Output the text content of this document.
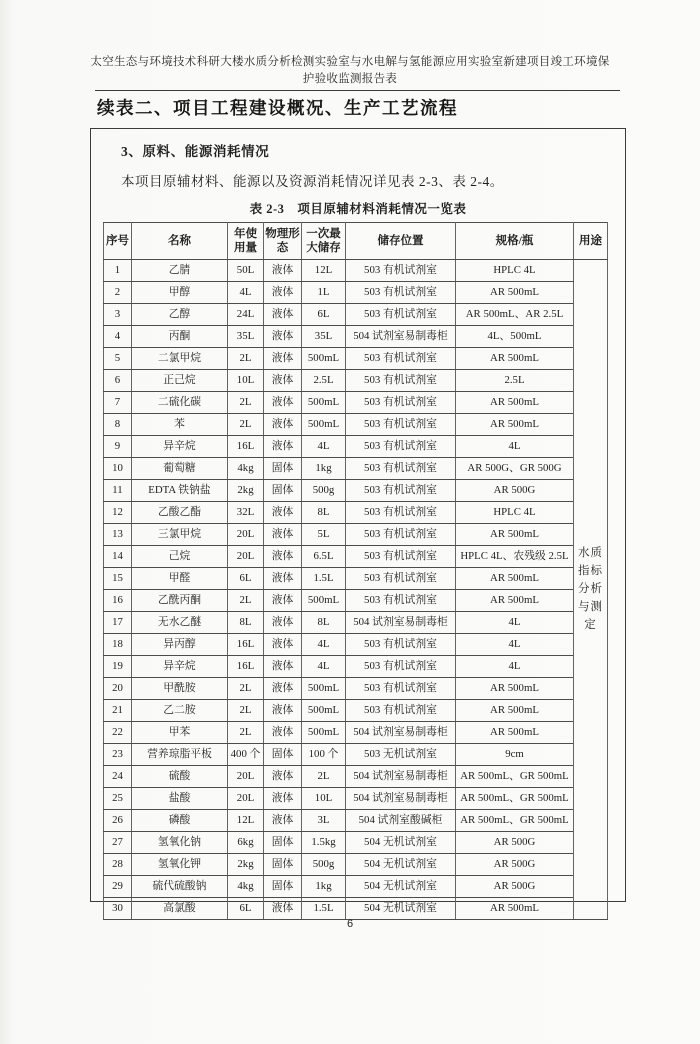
太空生态与环境技术科研大楼水质分析检测实验室与水电解与氢能源应用实验室新建项目竣工环境保
护验收监测报告表
续表二、项目工程建设概况、生产工艺流程
3、原料、能源消耗情况
本项目原辅材料、能源以及资源消耗情况详见表 2-3、表 2-4。
表 2-3　项目原辅材料消耗情况一览表
序号	名称	年使用量	物理形态	一次最大储存	储存位置	规格/瓶	用途
1	乙腈	50L	液体	12L	503 有机试剂室	HPLC 4L	水质指标分析与测定
2	甲醇	4L	液体	1L	503 有机试剂室	AR 500mL	
3	乙醇	24L	液体	6L	503 有机试剂室	AR 500mL、AR 2.5L	
4	丙酮	35L	液体	35L	504 试剂室易制毒柜	4L、500mL	
5	二氯甲烷	2L	液体	500mL	503 有机试剂室	AR 500mL	
6	正己烷	10L	液体	2.5L	503 有机试剂室	2.5L	
7	二硫化碳	2L	液体	500mL	503 有机试剂室	AR 500mL	
8	苯	2L	液体	500mL	503 有机试剂室	AR 500mL	
9	异辛烷	16L	液体	4L	503 有机试剂室	4L	
10	葡萄糖	4kg	固体	1kg	503 有机试剂室	AR 500G、GR 500G	
11	EDTA 铁钠盐	2kg	固体	500g	503 有机试剂室	AR 500G	
12	乙酸乙酯	32L	液体	8L	503 有机试剂室	HPLC 4L	
13	三氯甲烷	20L	液体	5L	503 有机试剂室	AR 500mL	
14	己烷	20L	液体	6.5L	503 有机试剂室	HPLC 4L、农残级 2.5L	
15	甲醛	6L	液体	1.5L	503 有机试剂室	AR 500mL	
16	乙酰丙酮	2L	液体	500mL	503 有机试剂室	AR 500mL	
17	无水乙醚	8L	液体	8L	504 试剂室易制毒柜	4L	
18	异丙醇	16L	液体	4L	503 有机试剂室	4L	
19	异辛烷	16L	液体	4L	503 有机试剂室	4L	
20	甲酰胺	2L	液体	500mL	503 有机试剂室	AR 500mL	
21	乙二胺	2L	液体	500mL	503 有机试剂室	AR 500mL	
22	甲苯	2L	液体	500mL	504 试剂室易制毒柜	AR 500mL	
23	营养琼脂平板	400 个	固体	100 个	503 无机试剂室	9cm	
24	硫酸	20L	液体	2L	504 试剂室易制毒柜	AR 500mL、GR 500mL	
25	盐酸	20L	液体	10L	504 试剂室易制毒柜	AR 500mL、GR 500mL	
26	磷酸	12L	液体	3L	504 试剂室酸碱柜	AR 500mL、GR 500mL	
27	氢氧化钠	6kg	固体	1.5kg	504 无机试剂室	AR 500G	
28	氢氧化钾	2kg	固体	500g	504 无机试剂室	AR 500G	
29	硫代硫酸钠	4kg	固体	1kg	504 无机试剂室	AR 500G	
30	高氯酸	6L	液体	1.5L	504 无机试剂室	AR 500mL	
6
